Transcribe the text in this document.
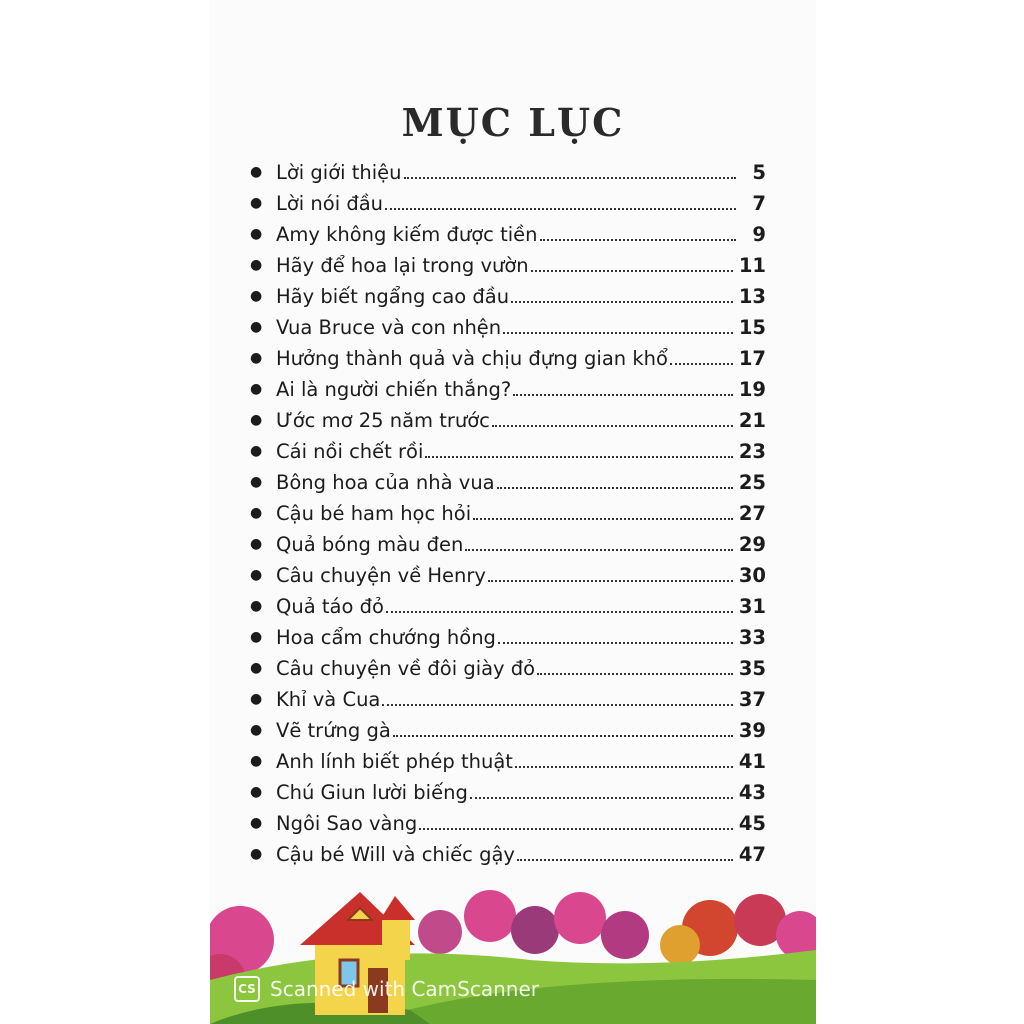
MỤC LỤC
● Lời giới thiệu	5
● Lời nói đầu	7
● Amy không kiếm được tiền	9
● Hãy để hoa lại trong vườn	11
● Hãy biết ngẩng cao đầu	13
● Vua Bruce và con nhện	15
● Hưởng thành quả và chịu đựng gian khổ	17
● Ai là người chiến thắng?	19
● Ước mơ 25 năm trước	21
● Cái nồi chết rồi	23
● Bông hoa của nhà vua	25
● Cậu bé ham học hỏi	27
● Quả bóng màu đen	29
● Câu chuyện về Henry	30
● Quả táo đỏ	31
● Hoa cẩm chướng hồng	33
● Câu chuyện về đôi giày đỏ	35
● Khỉ và Cua	37
● Vẽ trứng gà	39
● Anh lính biết phép thuật	41
● Chú Giun lười biếng	43
● Ngôi Sao vàng	45
● Cậu bé Will và chiếc gậy	47
CS Scanned with CamScanner
